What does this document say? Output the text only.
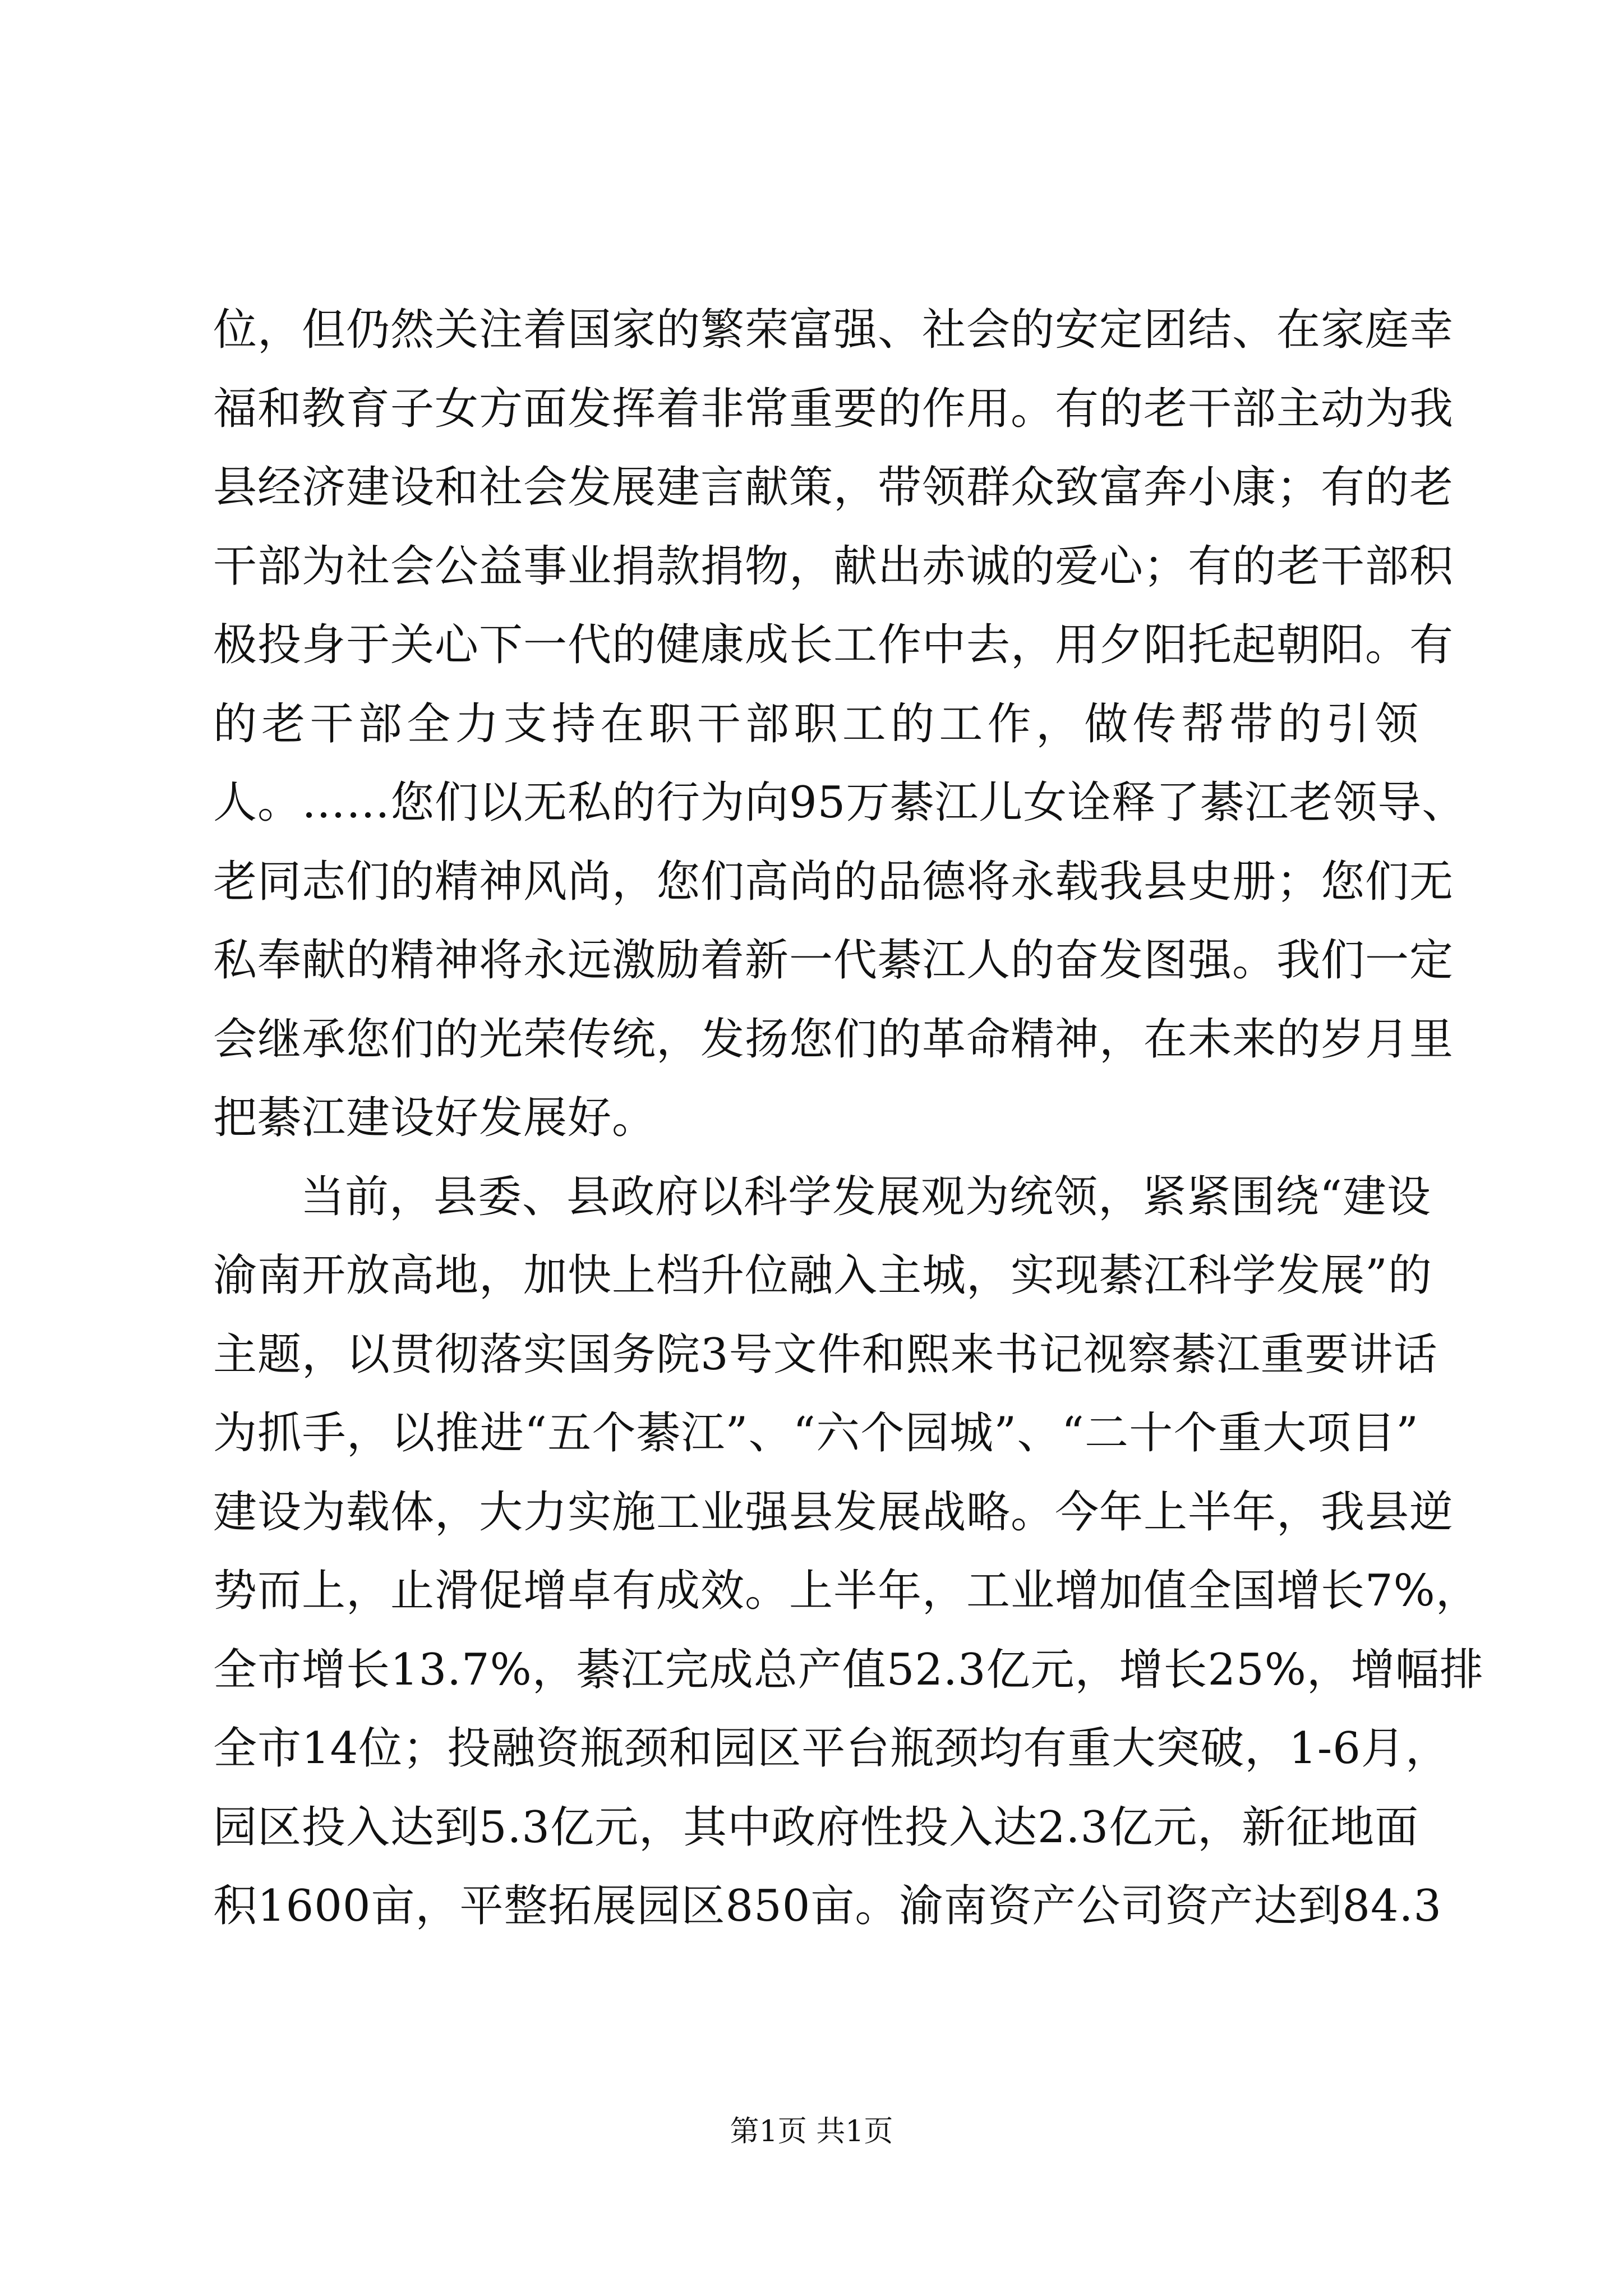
位，但仍然关注着国家的繁荣富强、社会的安定团结、在家庭幸
福和教育子女方面发挥着非常重要的作用。有的老干部主动为我
县经济建设和社会发展建言献策，带领群众致富奔小康；有的老
干部为社会公益事业捐款捐物，献出赤诚的爱心；有的老干部积
极投身于关心下一代的健康成长工作中去，用夕阳托起朝阳。有
的老干部全力支持在职干部职工的工作，做传帮带的引领
人。……您们以无私的行为向95万綦江儿女诠释了綦江老领导、
老同志们的精神风尚，您们高尚的品德将永载我县史册；您们无
私奉献的精神将永远激励着新一代綦江人的奋发图强。我们一定
会继承您们的光荣传统，发扬您们的革命精神，在未来的岁月里
把綦江建设好发展好。
当前，县委、县政府以科学发展观为统领，紧紧围绕“建设
渝南开放高地，加快上档升位融入主城，实现綦江科学发展”的
主题，以贯彻落实国务院3号文件和熙来书记视察綦江重要讲话
为抓手，以推进“五个綦江”、“六个园城”、“二十个重大项目”
建设为载体，大力实施工业强县发展战略。今年上半年，我县逆
势而上，止滑促增卓有成效。上半年，工业增加值全国增长7%，
全市增长13.7%，綦江完成总产值52.3亿元，增长25%，增幅排
全市14位；投融资瓶颈和园区平台瓶颈均有重大突破，1-6月，
园区投入达到5.3亿元，其中政府性投入达2.3亿元，新征地面
积1600亩，平整拓展园区850亩。渝南资产公司资产达到84.3
第1页 共1页
